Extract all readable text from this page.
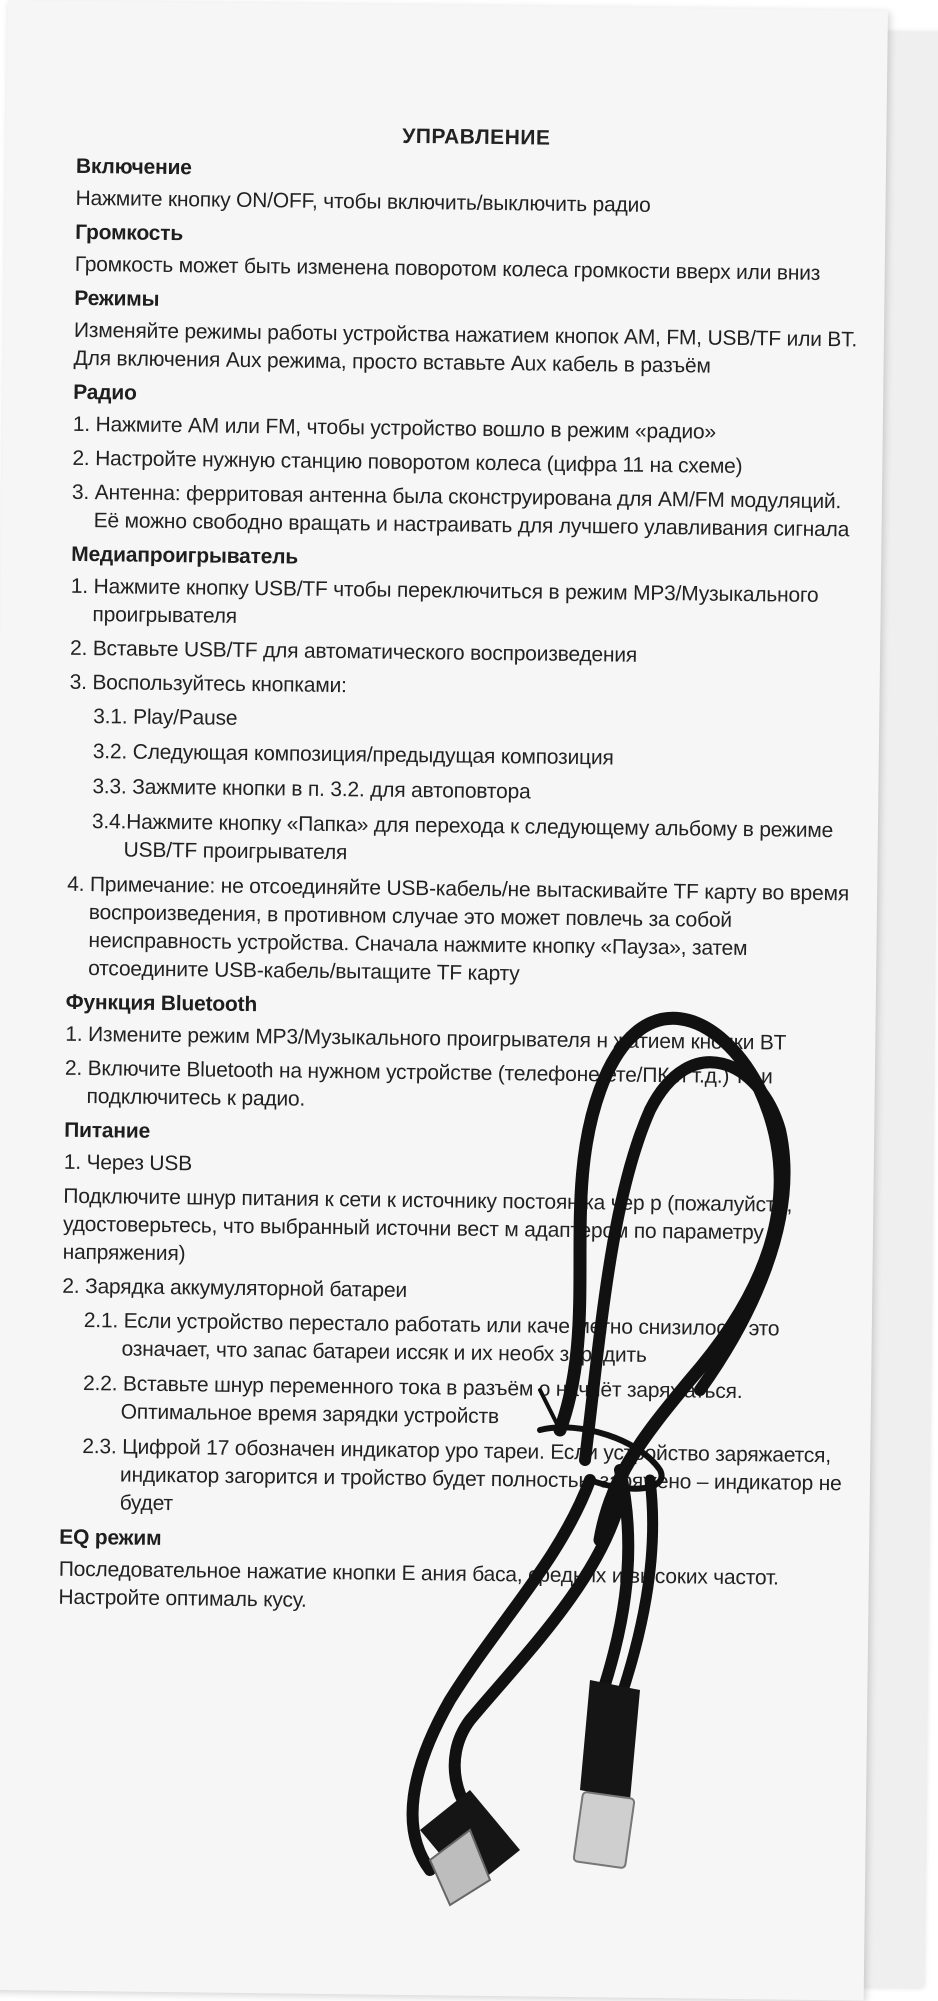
УПРАВЛЕНИЕ
Включение
Нажмите кнопку ON/OFF, чтобы включить/выключить радио
Громкость
Громкость может быть изменена поворотом колеса громкости вверх или вниз
Режимы
Изменяйте режимы работы устройства нажатием кнопок AM, FM, USB/TF или BT. Для включения Aux режима, просто вставьте Aux кабель в разъём
Радио
1. Нажмите AM или FM, чтобы устройство вошло в режим «радио»
2. Настройте нужную станцию поворотом колеса (цифра 11 на схеме)
3. Антенна: ферритовая антенна была сконструирована для AM/FM модуляций. Её можно свободно вращать и настраивать для лучшего улавливания сигнала
Медиапроигрыватель
1. Нажмите кнопку USB/TF чтобы переключиться в режим MP3/Музыкального проигрывателя
2. Вставьте USB/TF для автоматического воспроизведения
3. Воспользуйтесь кнопками:
3.1. Play/Pause
3.2. Следующая композиция/предыдущая композиция
3.3. Зажмите кнопки в п. 3.2. для автоповтора
3.4.Нажмите кнопку «Папка» для перехода к следующему альбому в режиме USB/TF проигрывателя
4. Примечание: не отсоединяйте USB-кабель/не вытаскивайте TF карту во время воспроизведения, в противном случае это может повлечь за собой неисправность устройства. Сначала нажмите кнопку «Пауза», затем отсоедините USB-кабель/вытащите TF карту
Функция Bluetooth
1. Измените режим MP3/Музыкального проигрывателя н жатием кнопки BT
2. Включите Bluetooth на нужном устройстве (телефоне ете/ПК и т.д.) те и подключитесь к радио.
Питание
1. Через USB
Подключите шнур питания к сети к источнику постоян ка чер р (пожалуйста, удостоверьтесь, что выбранный источни вест м адаптером по параметру напряжения)
2. Зарядка аккумуляторной батареи
2.1. Если устройство перестало работать или каче метно снизилось, это означает, что запас батареи иссяк и их необх зарядить
2.2. Вставьте шнур переменного тока в разъём о начнёт заряжаться. Оптимальное время зарядки устройств
2.3. Цифрой 17 обозначен индикатор уро тареи. Если устройство заряжается, индикатор загорится и тройство будет полностью заряжено – индикатор не будет
EQ режим
Последовательное нажатие кнопки E ания баса, средних и высоких частот. Настройте оптималь кусу.
